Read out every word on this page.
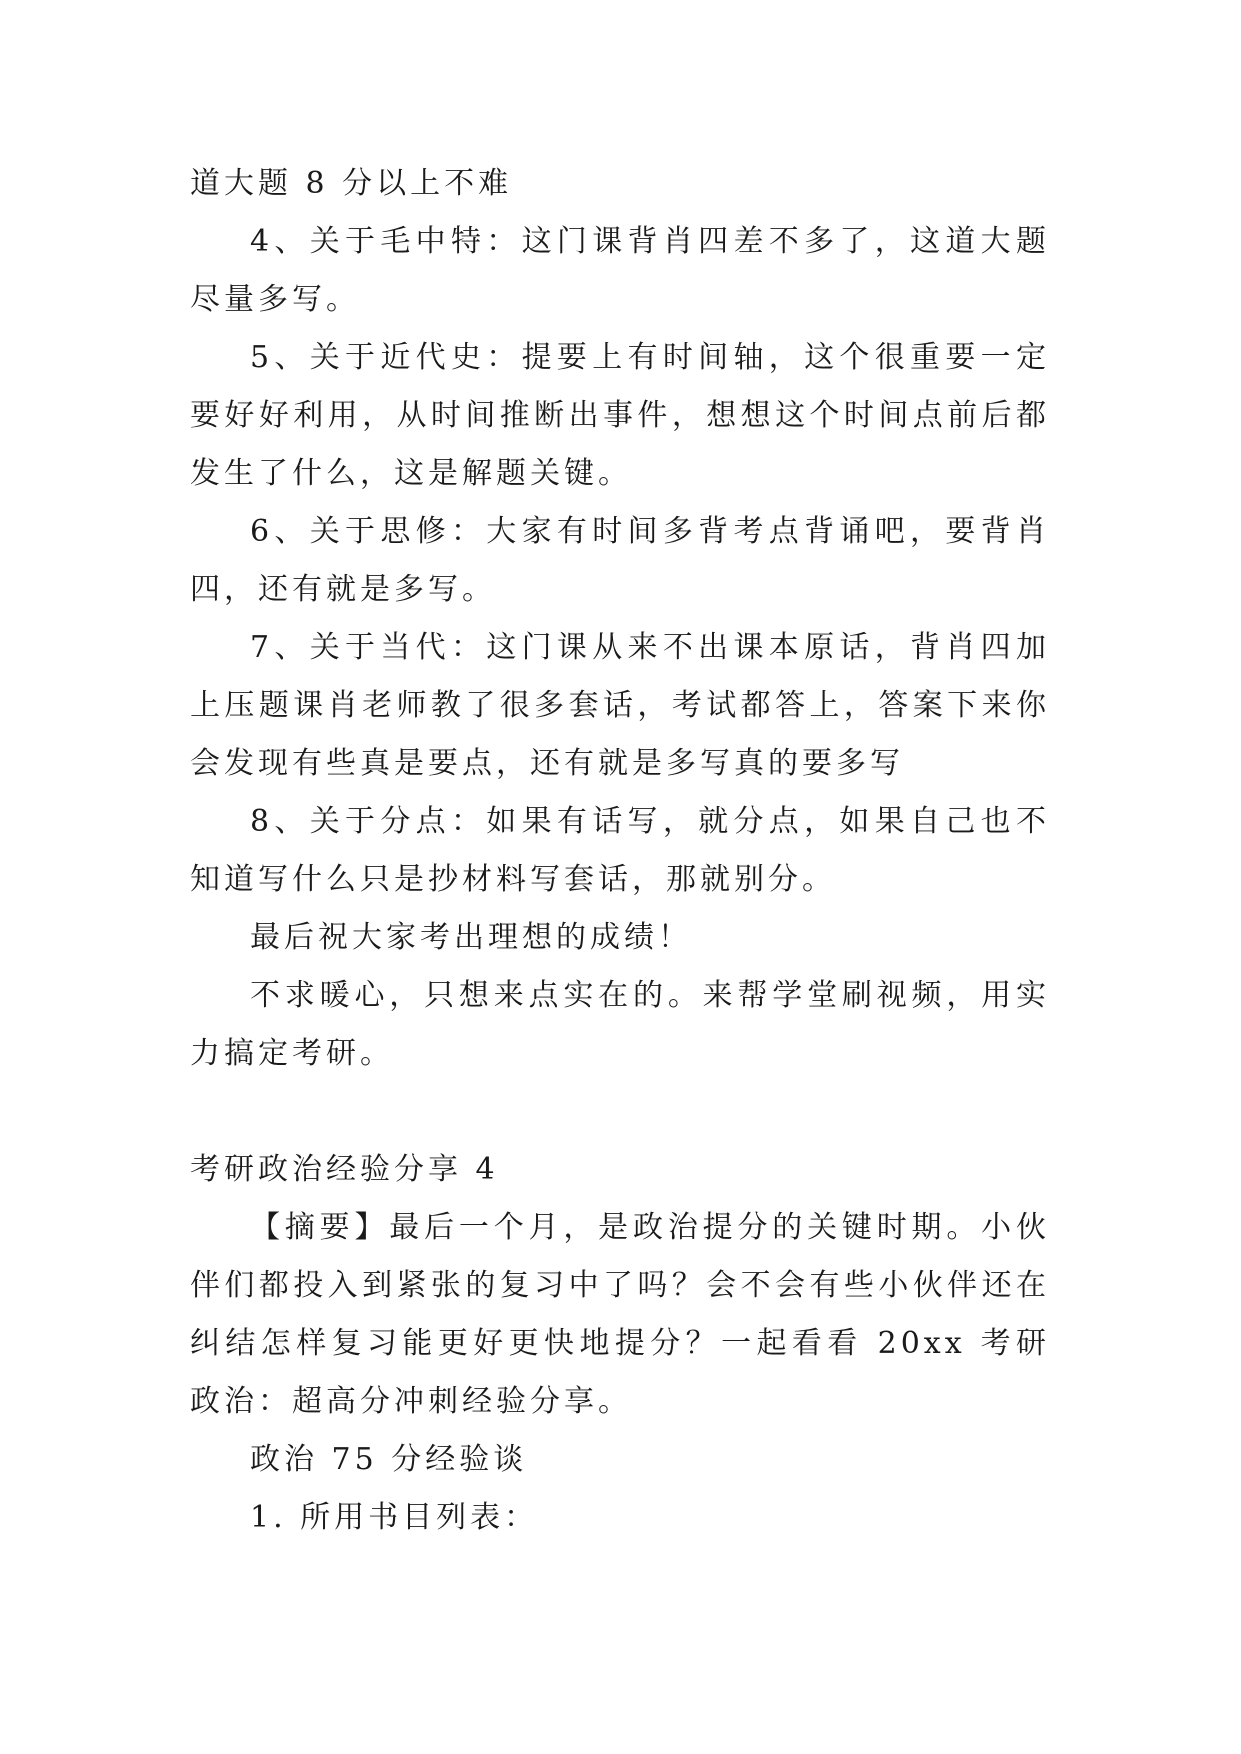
道大题 8 分以上不难

4、关于毛中特：这门课背肖四差不多了，这道大题尽量多写。

5、关于近代史：提要上有时间轴，这个很重要一定要好好利用，从时间推断出事件，想想这个时间点前后都发生了什么，这是解题关键。

6、关于思修：大家有时间多背考点背诵吧，要背肖四，还有就是多写。

7、关于当代：这门课从来不出课本原话，背肖四加上压题课肖老师教了很多套话，考试都答上，答案下来你会发现有些真是要点，还有就是多写真的要多写

8、关于分点：如果有话写，就分点，如果自己也不知道写什么只是抄材料写套话，那就别分。

最后祝大家考出理想的成绩！

不求暖心，只想来点实在的。来帮学堂刷视频，用实力搞定考研。

考研政治经验分享 4

【摘要】最后一个月，是政治提分的关键时期。小伙伴们都投入到紧张的复习中了吗？会不会有些小伙伴还在纠结怎样复习能更好更快地提分？一起看看 20xx 考研政治：超高分冲刺经验分享。

政治 75 分经验谈

1. 所用书目列表：
